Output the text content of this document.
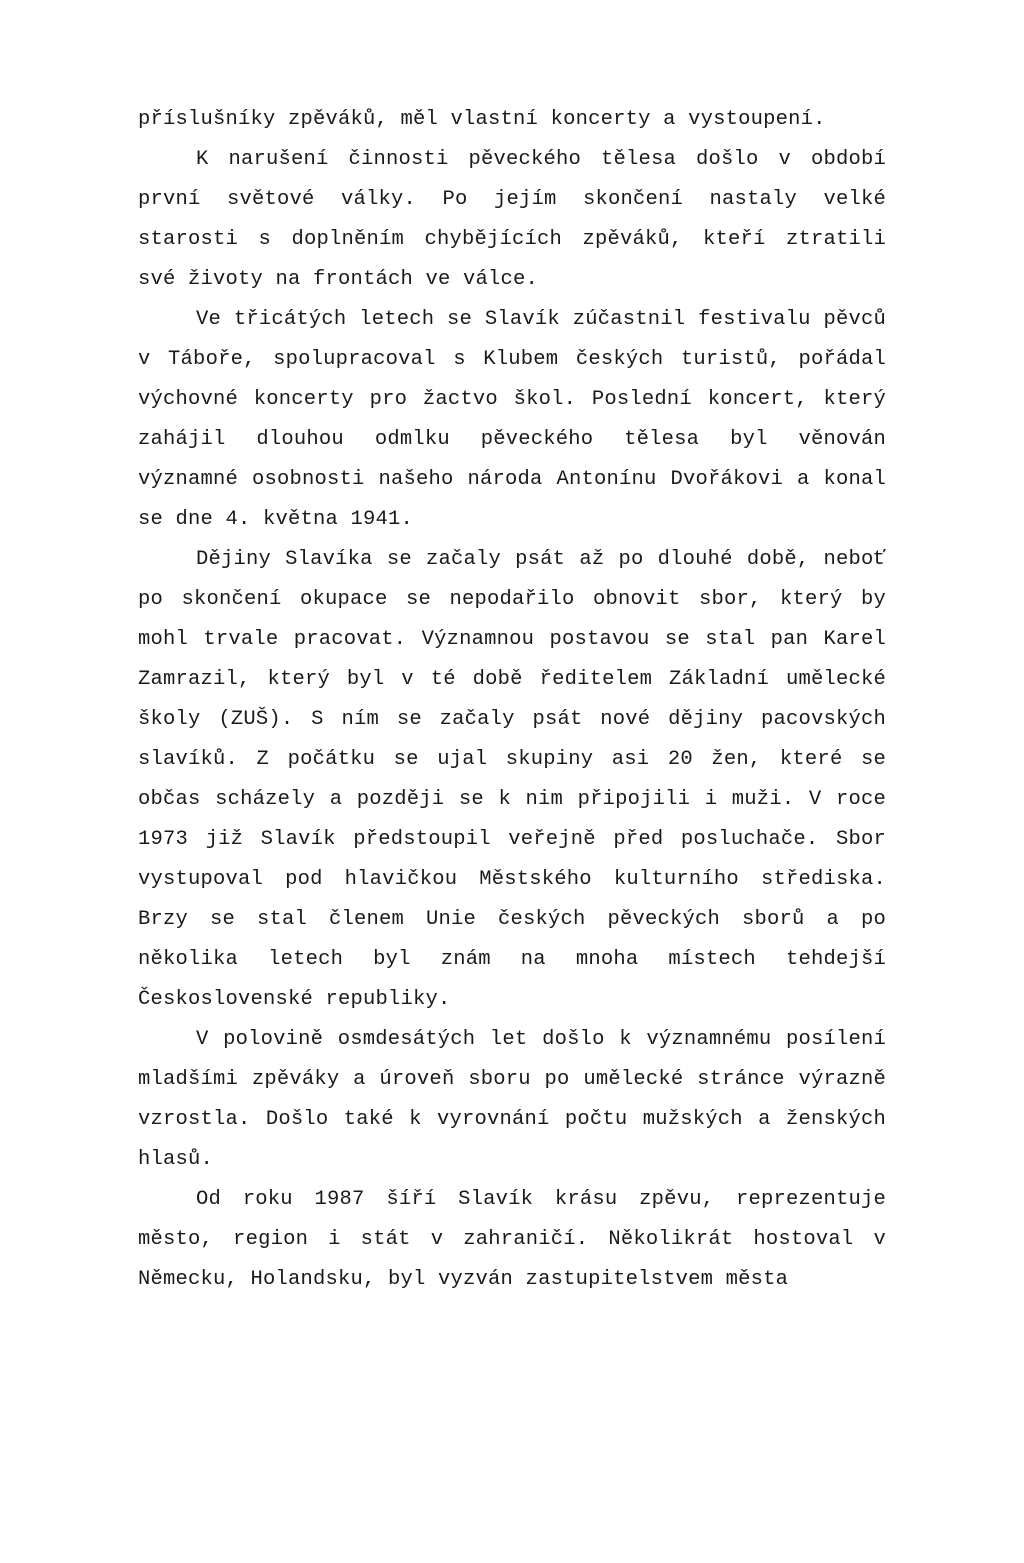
příslušníky zpěváků, měl vlastní koncerty a vystoupení.

K narušení činnosti pěveckého tělesa došlo v období první světové války. Po jejím skončení nastaly velké starosti s doplněním chybějících zpěváků, kteří ztratili své životy na frontách ve válce.

Ve třicátých letech se Slavík zúčastnil festivalu pěvců v Táboře, spolupracoval s Klubem českých turistů, pořádal výchovné koncerty pro žactvo škol. Poslední koncert, který zahájil dlouhou odmlku pěveckého tělesa byl věnován významné osobnosti našeho národa Antonínu Dvořákovi a konal se dne 4. května 1941.

Dějiny Slavíka se začaly psát až po dlouhé době, neboť po skončení okupace se nepodařilo obnovit sbor, který by mohl trvale pracovat. Významnou postavou se stal pan Karel Zamrazil, který byl v té době ředitelem Základní umělecké školy (ZUŠ). S ním se začaly psát nové dějiny pacovských slavíků. Z počátku se ujal skupiny asi 20 žen, které se občas scházely a později se k nim připojili i muži. V roce 1973 již Slavík předstoupil veřejně před posluchače. Sbor vystupoval pod hlavičkou Městského kulturního střediska. Brzy se stal členem Unie českých pěveckých sborů a po několika letech byl znám na mnoha místech tehdejší Československé republiky.

V polovině osmdesátých let došlo k významnému posílení mladšími zpěváky a úroveň sboru po umělecké stránce výrazně vzrostla. Došlo také k vyrovnání počtu mužských a ženských hlasů.

Od roku 1987 šíří Slavík krásu zpěvu, reprezentuje město, region i stát v zahraničí. Několikrát hostoval v Německu, Holandsku, byl vyzván zastupitelstvem města
